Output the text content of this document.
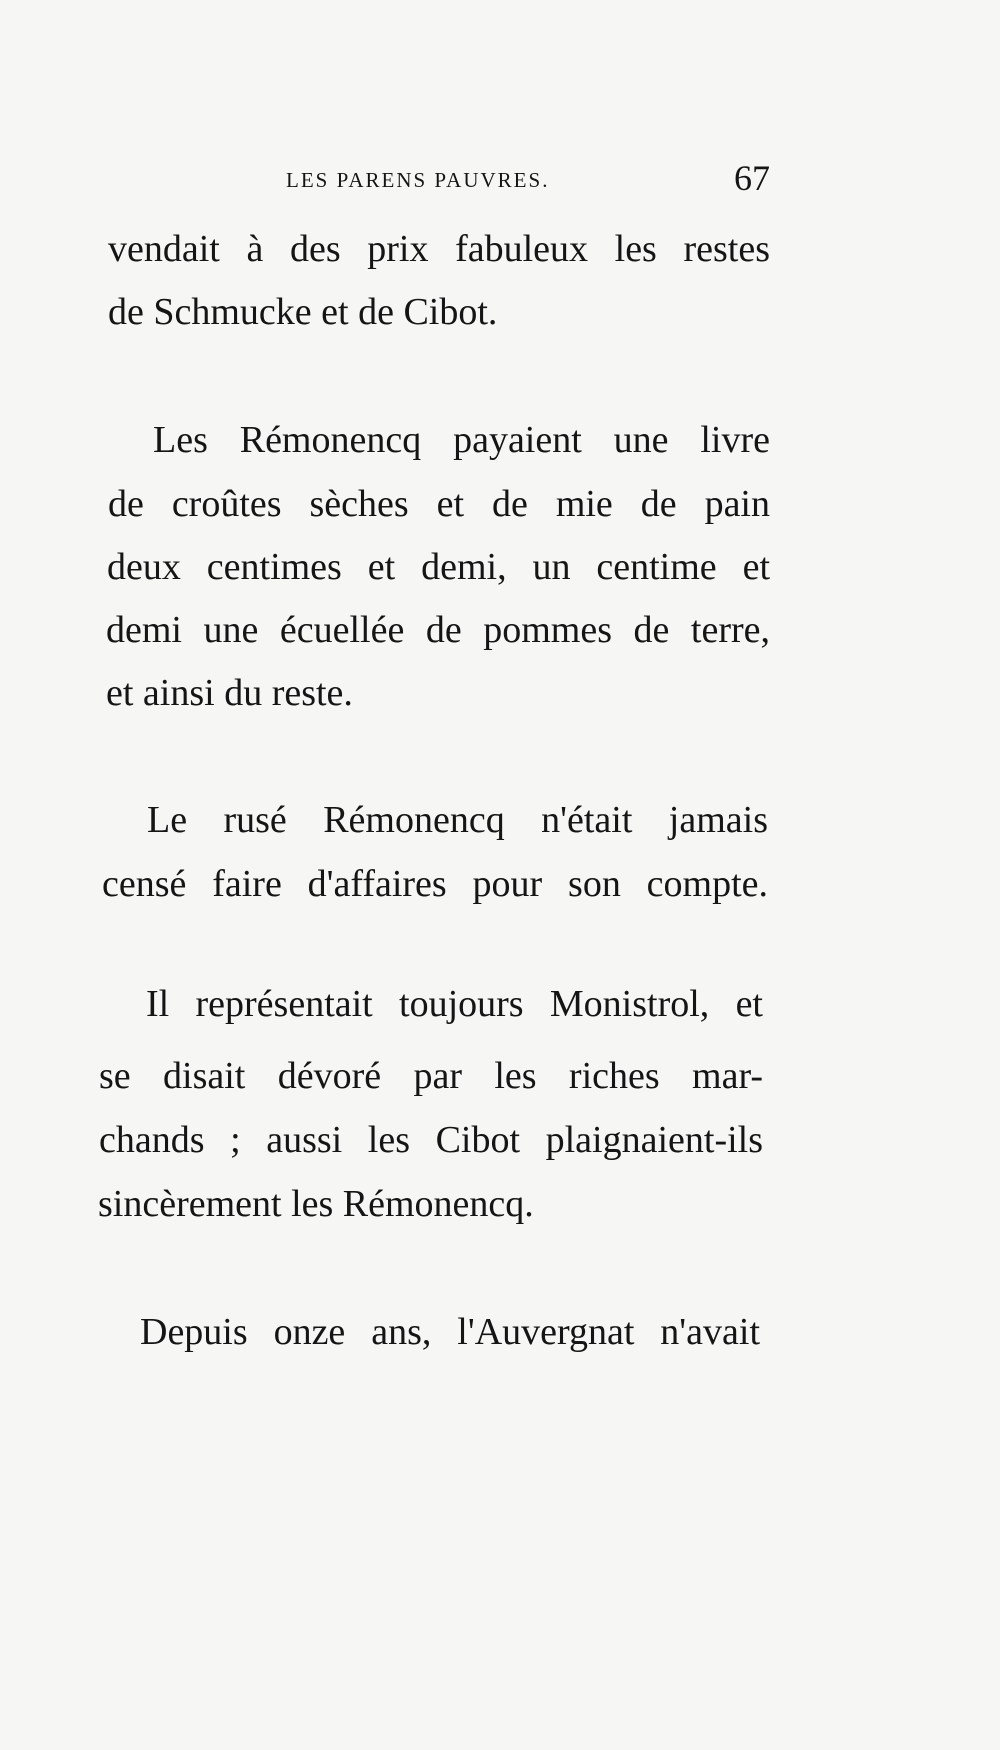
LES PARENS PAUVRES.	67
vendait à des prix fabuleux les restes
de Schmucke et de Cibot.
Les Rémonencq payaient une livre
de croûtes sèches et de mie de pain
deux centimes et demi, un centime et
demi une écuellée de pommes de terre,
et ainsi du reste.
Le rusé Rémonencq n'était jamais
censé faire d'affaires pour son compte.
Il représentait toujours Monistrol, et
se disait dévoré par les riches mar-
chands ; aussi les Cibot plaignaient-ils
sincèrement les Rémonencq.
Depuis onze ans, l'Auvergnat n'avait
